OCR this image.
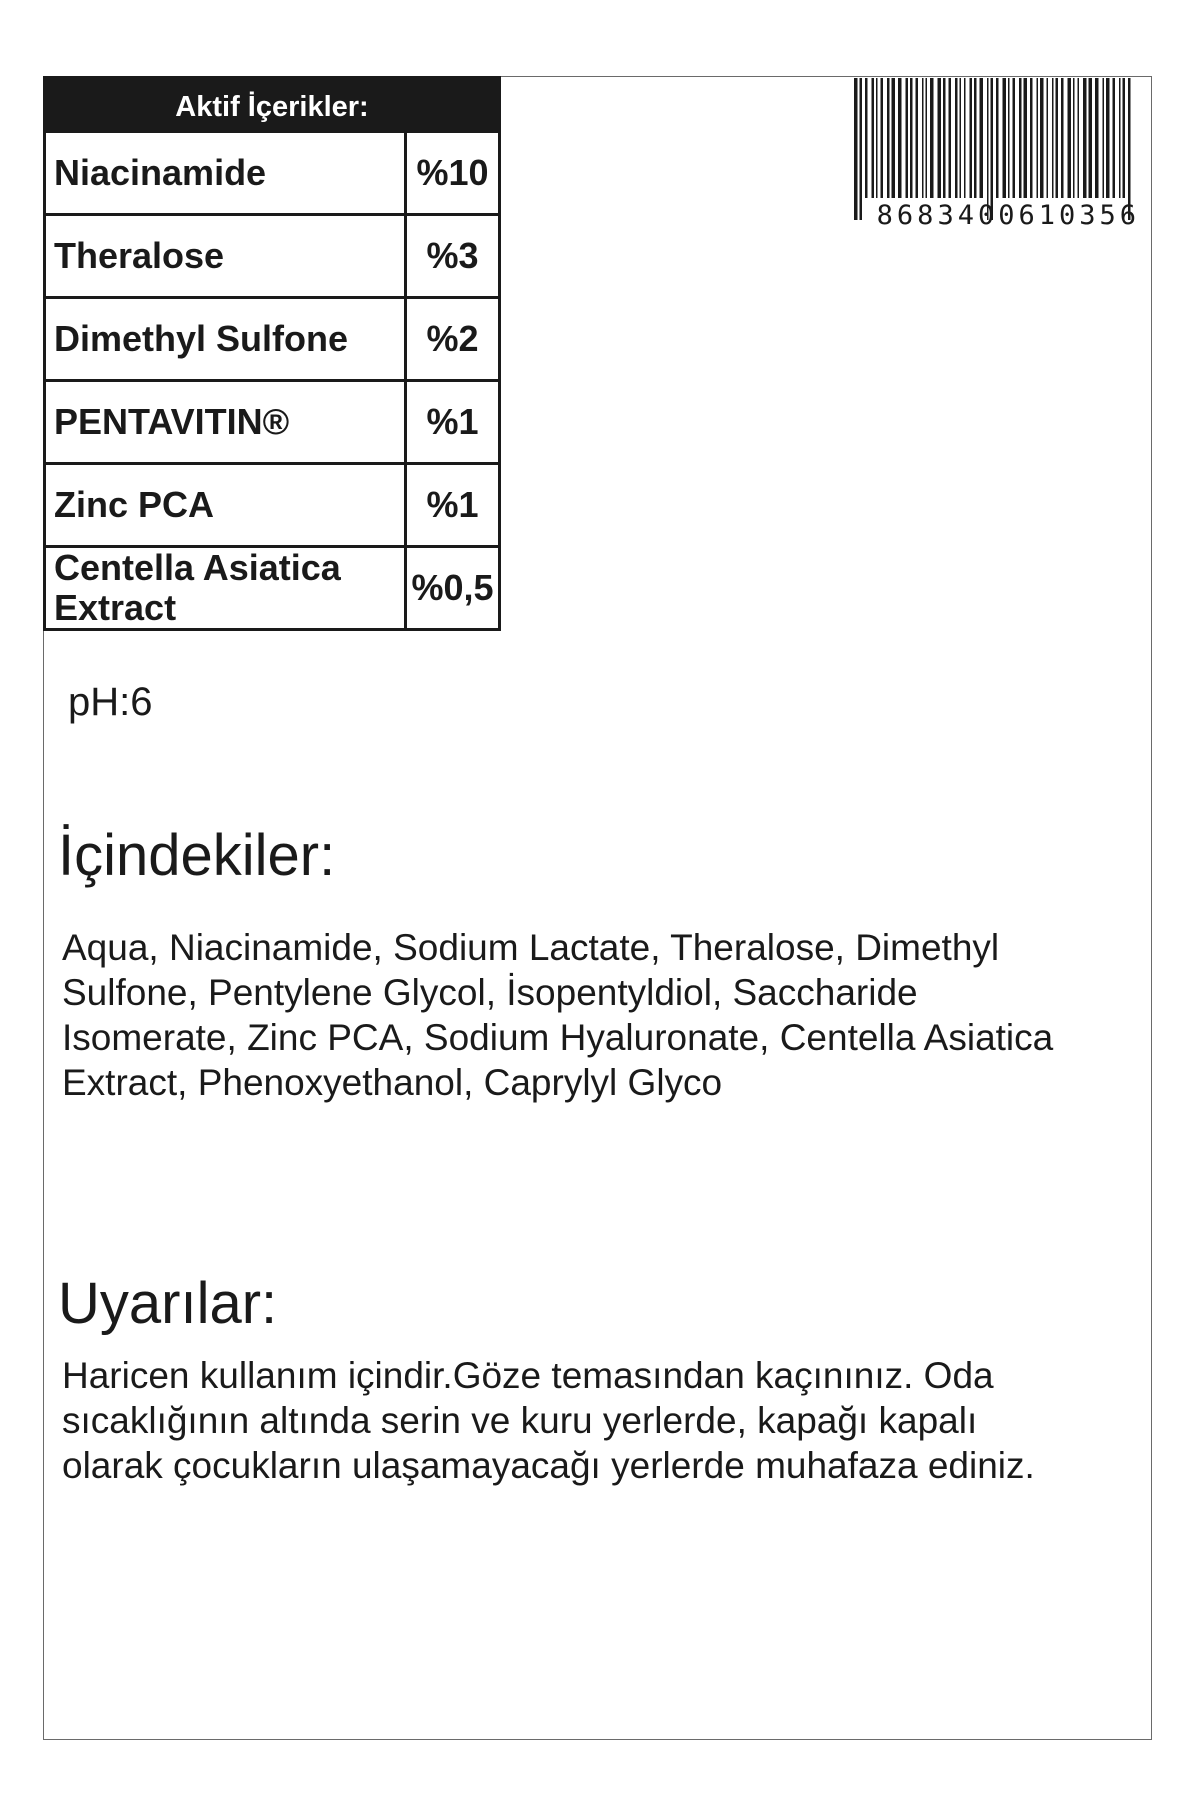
Aktif İçerikler:
Niacinamide	%10
Theralose	%3
Dimethyl Sulfone	%2
PENTAVITIN®	%1
Zinc PCA	%1
Centella Asiatica Extract	%0,5
pH:6
İçindekiler:
Aqua, Niacinamide, Sodium Lactate, Theralose, Dimethyl Sulfone, Pentylene Glycol, İsopentyldiol, Saccharide Isomerate, Zinc PCA, Sodium Hyaluronate, Centella Asiatica Extract, Phenoxyethanol, Caprylyl Glyco
Uyarılar:
Haricen kullanım içindir.Göze temasından kaçınınız. Oda sıcaklığının altında serin ve kuru yerlerde, kapağı kapalı olarak çocukların ulaşamayacağı yerlerde muhafaza ediniz.
8683400610356
